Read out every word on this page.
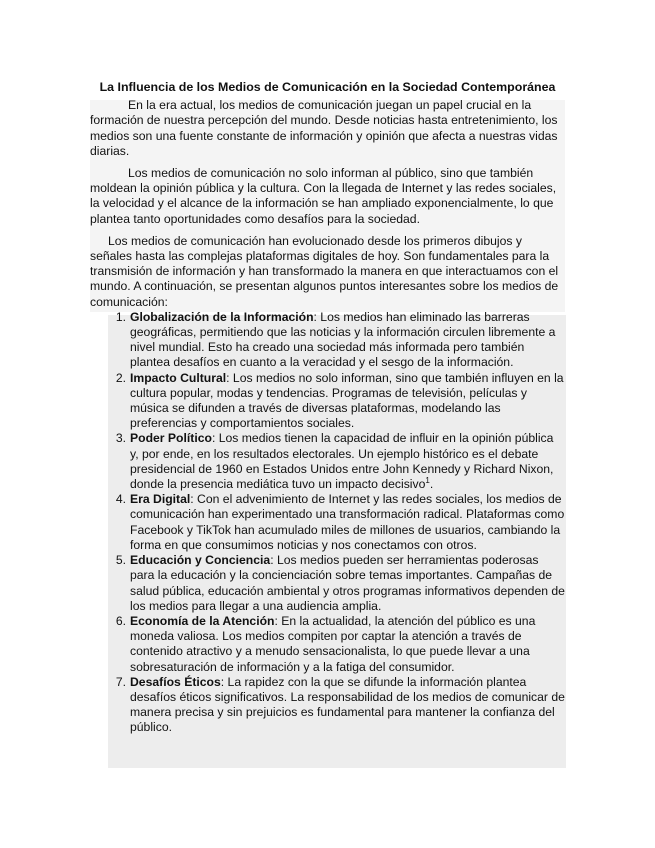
La Influencia de los Medios de Comunicación en la Sociedad Contemporánea

En la era actual, los medios de comunicación juegan un papel crucial en la formación de nuestra percepción del mundo. Desde noticias hasta entretenimiento, los medios son una fuente constante de información y opinión que afecta a nuestras vidas diarias.

Los medios de comunicación no solo informan al público, sino que también moldean la opinión pública y la cultura. Con la llegada de Internet y las redes sociales, la velocidad y el alcance de la información se han ampliado exponencialmente, lo que plantea tanto oportunidades como desafíos para la sociedad.

Los medios de comunicación han evolucionado desde los primeros dibujos y señales hasta las complejas plataformas digitales de hoy. Son fundamentales para la transmisión de información y han transformado la manera en que interactuamos con el mundo. A continuación, se presentan algunos puntos interesantes sobre los medios de comunicación:

1. Globalización de la Información: Los medios han eliminado las barreras geográficas, permitiendo que las noticias y la información circulen libremente a nivel mundial. Esto ha creado una sociedad más informada pero también plantea desafíos en cuanto a la veracidad y el sesgo de la información.
2. Impacto Cultural: Los medios no solo informan, sino que también influyen en la cultura popular, modas y tendencias. Programas de televisión, películas y música se difunden a través de diversas plataformas, modelando las preferencias y comportamientos sociales.
3. Poder Político: Los medios tienen la capacidad de influir en la opinión pública y, por ende, en los resultados electorales. Un ejemplo histórico es el debate presidencial de 1960 en Estados Unidos entre John Kennedy y Richard Nixon, donde la presencia mediática tuvo un impacto decisivo$^1$.
4. Era Digital: Con el advenimiento de Internet y las redes sociales, los medios de comunicación han experimentado una transformación radical. Plataformas como Facebook y TikTok han acumulado miles de millones de usuarios, cambiando la forma en que consumimos noticias y nos conectamos con otros.
5. Educación y Conciencia: Los medios pueden ser herramientas poderosas para la educación y la concienciación sobre temas importantes. Campañas de salud pública, educación ambiental y otros programas informativos dependen de los medios para llegar a una audiencia amplia.
6. Economía de la Atención: En la actualidad, la atención del público es una moneda valiosa. Los medios compiten por captar la atención a través de contenido atractivo y a menudo sensacionalista, lo que puede llevar a una sobresaturación de información y a la fatiga del consumidor.
7. Desafíos Éticos: La rapidez con la que se difunde la información plantea desafíos éticos significativos. La responsabilidad de los medios de comunicar de manera precisa y sin prejuicios es fundamental para mantener la confianza del público.
